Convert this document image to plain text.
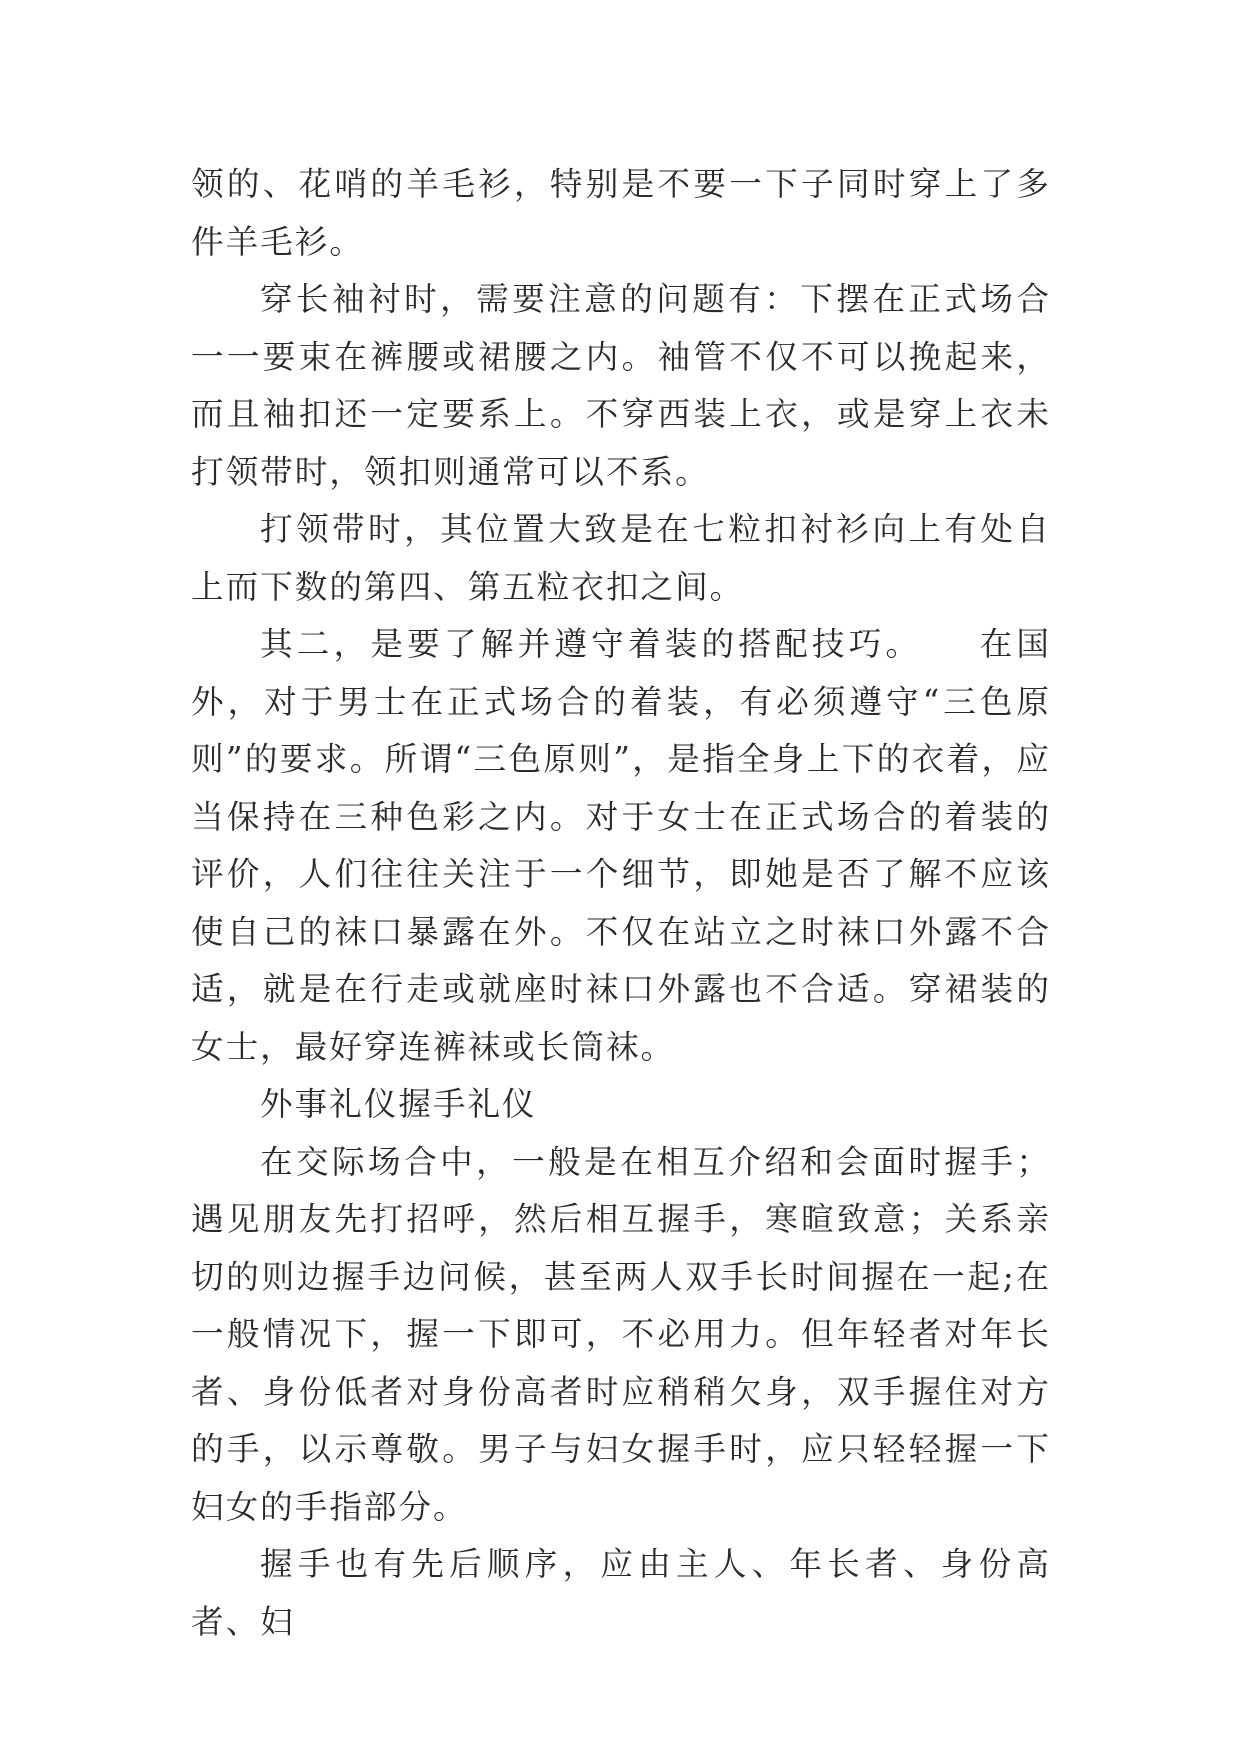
领的、花哨的羊毛衫，特别是不要一下子同时穿上了多件羊毛衫。

穿长袖衬时，需要注意的问题有：下摆在正式场合一一要束在裤腰或裙腰之内。袖管不仅不可以挽起来，而且袖扣还一定要系上。不穿西装上衣，或是穿上衣未打领带时，领扣则通常可以不系。

打领带时，其位置大致是在七粒扣衬衫向上有处自上而下数的第四、第五粒衣扣之间。

其二，是要了解并遵守着装的搭配技巧。　　在国外，对于男士在正式场合的着装，有必须遵守“三色原则”的要求。所谓“三色原则”，是指全身上下的衣着，应当保持在三种色彩之内。对于女士在正式场合的着装的评价，人们往往关注于一个细节，即她是否了解不应该使自己的袜口暴露在外。不仅在站立之时袜口外露不合适，就是在行走或就座时袜口外露也不合适。穿裙装的女士，最好穿连裤袜或长筒袜。

外事礼仪握手礼仪

在交际场合中，一般是在相互介绍和会面时握手；遇见朋友先打招呼，然后相互握手，寒暄致意；关系亲切的则边握手边问候，甚至两人双手长时间握在一起;在一般情况下，握一下即可，不必用力。但年轻者对年长者、身份低者对身份高者时应稍稍欠身，双手握住对方的手，以示尊敬。男子与妇女握手时，应只轻轻握一下妇女的手指部分。

握手也有先后顺序，应由主人、年长者、身份高者、妇
